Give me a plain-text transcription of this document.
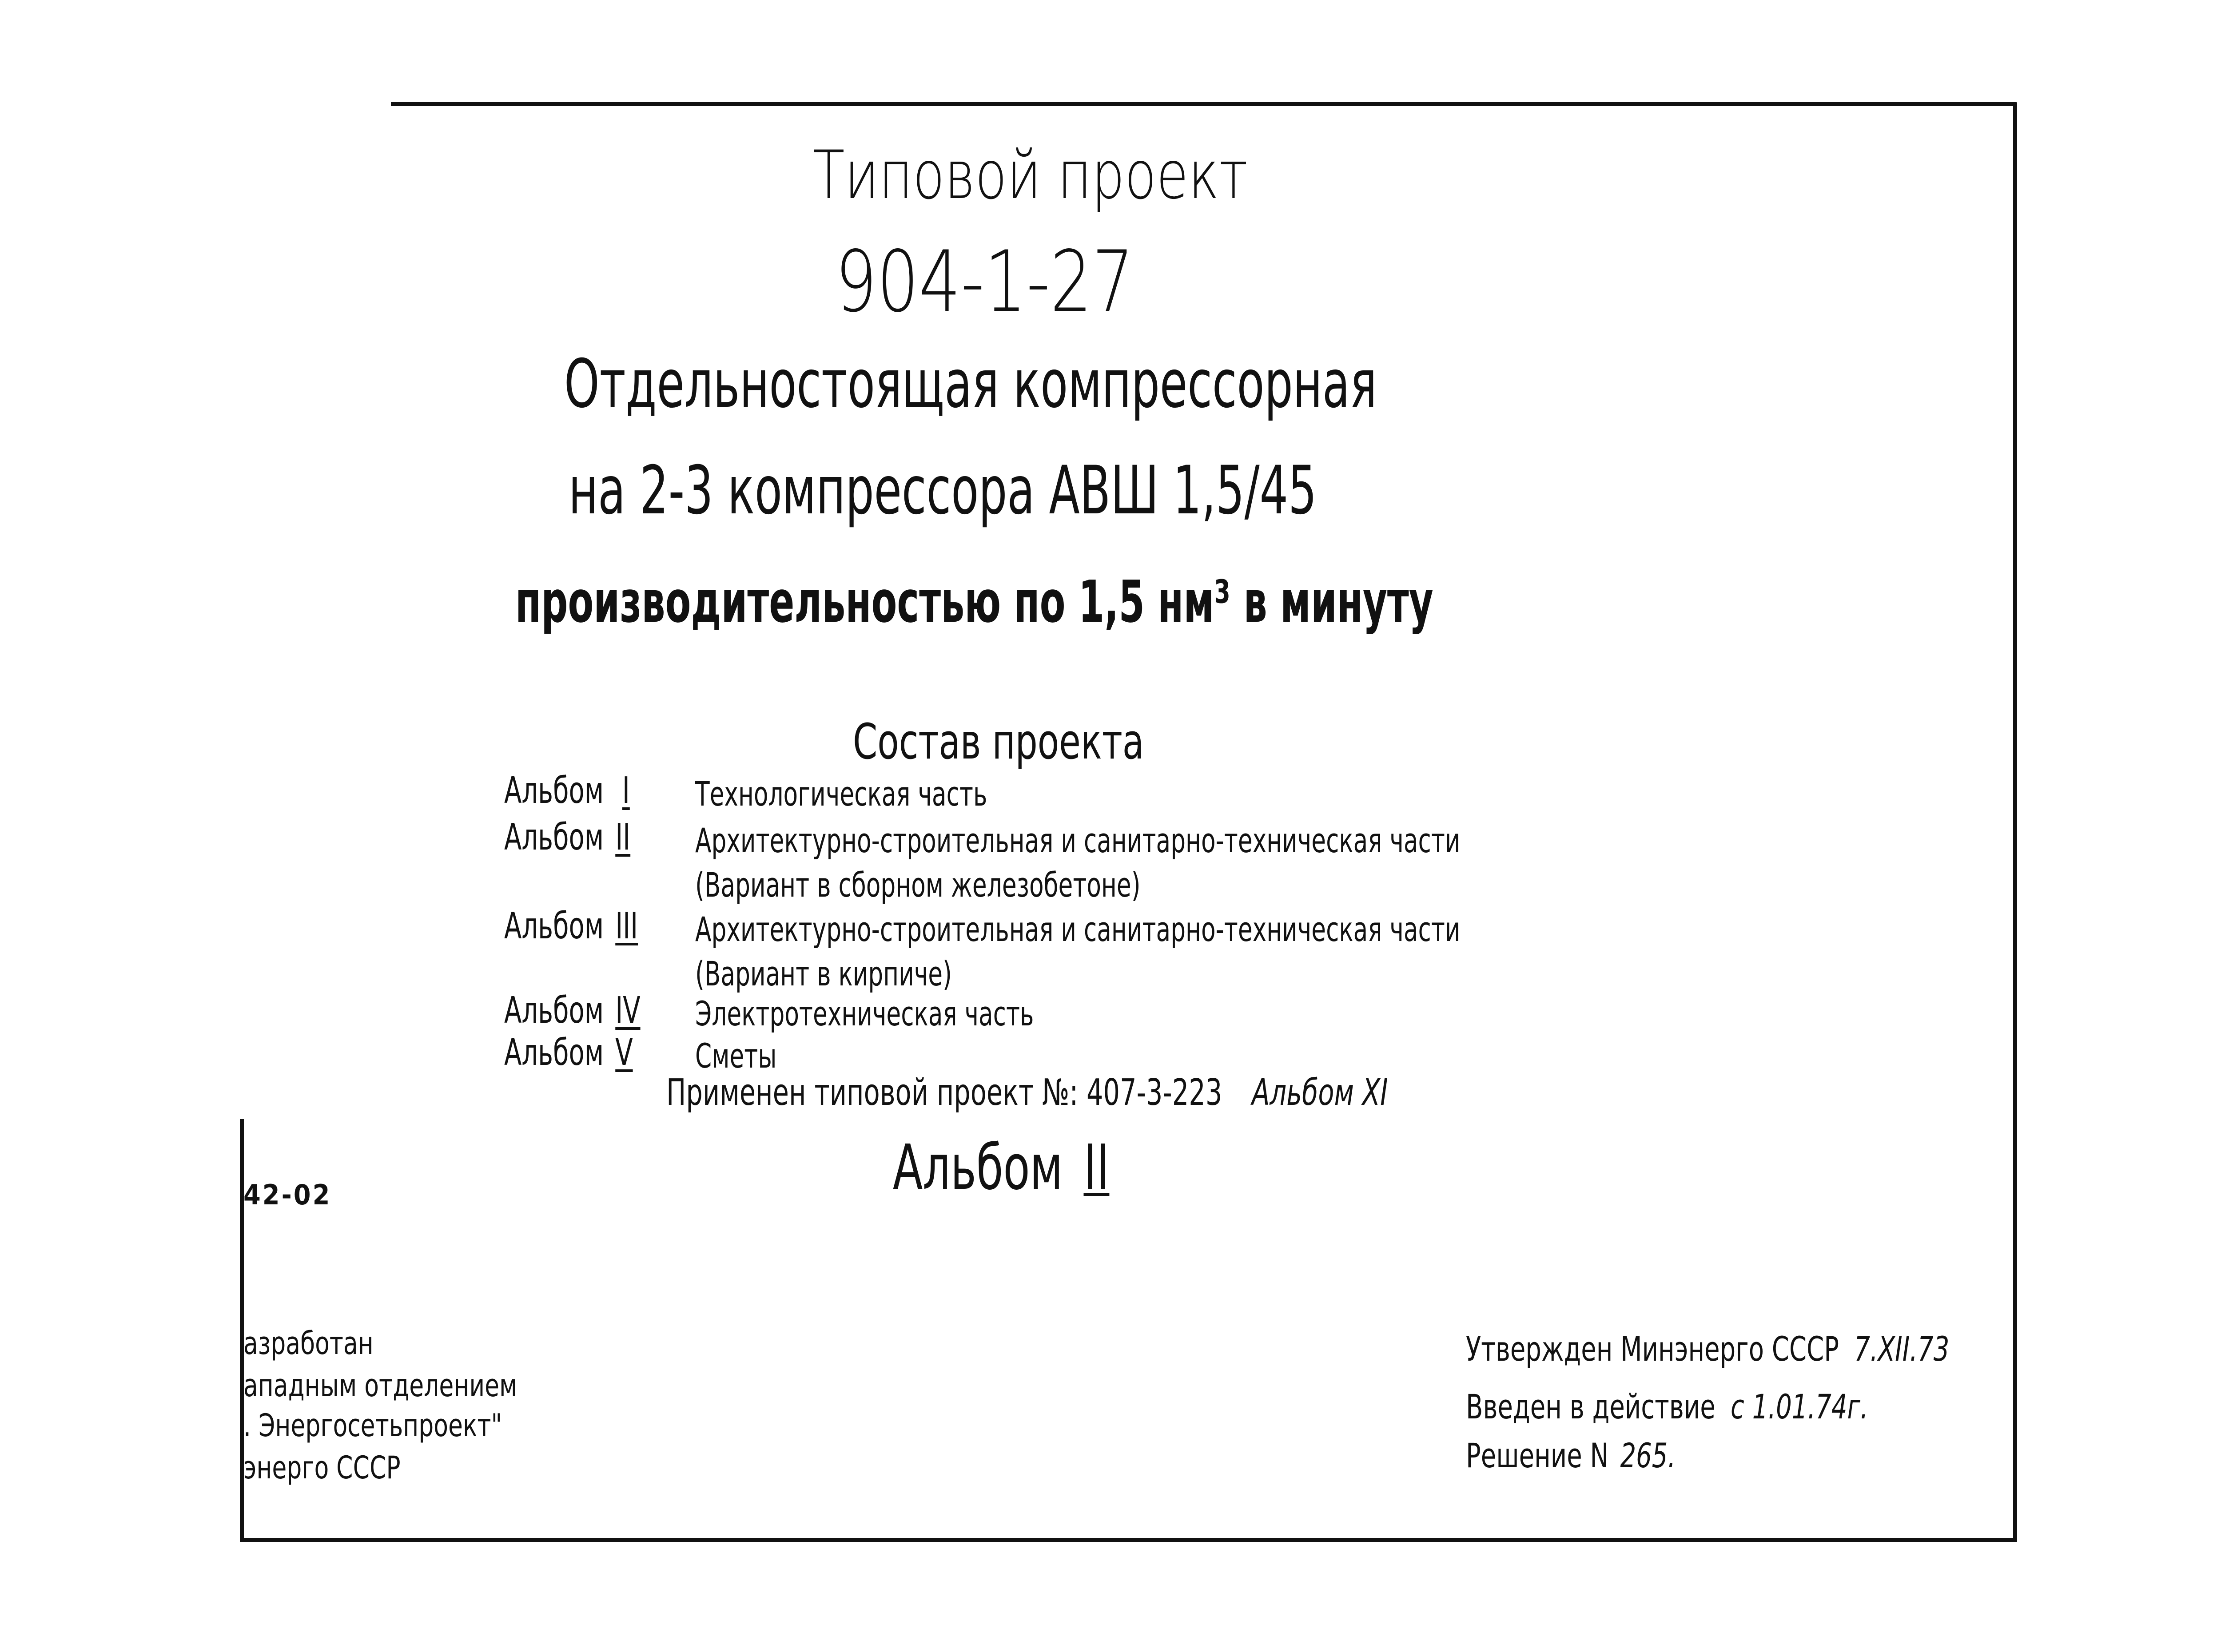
Типовой проект
904-1-27
Отдельностоящая компрессорная
на 2-3 компрессора АВШ 1,5/45
производительностью по 1,5 нм³ в минуту
Состав проекта
Альбом I Технологическая часть
Альбом II Архитектурно-строительная и санитарно-техническая части
(Вариант в сборном железобетоне)
Альбом III Архитектурно-строительная и санитарно-техническая части
(Вариант в кирпиче)
Альбом IV Электротехническая часть
Альбом V Сметы
Применен типовой проект №: 407-3-223 Альбом XI
Альбом II
42-02
азработан
ападным отделением
. Энергосетьпроект"
энерго СССР
Утвержден Минэнерго СССР 7.XII.73
Введен в действие с 1.01.74г.
Решение N 265.
